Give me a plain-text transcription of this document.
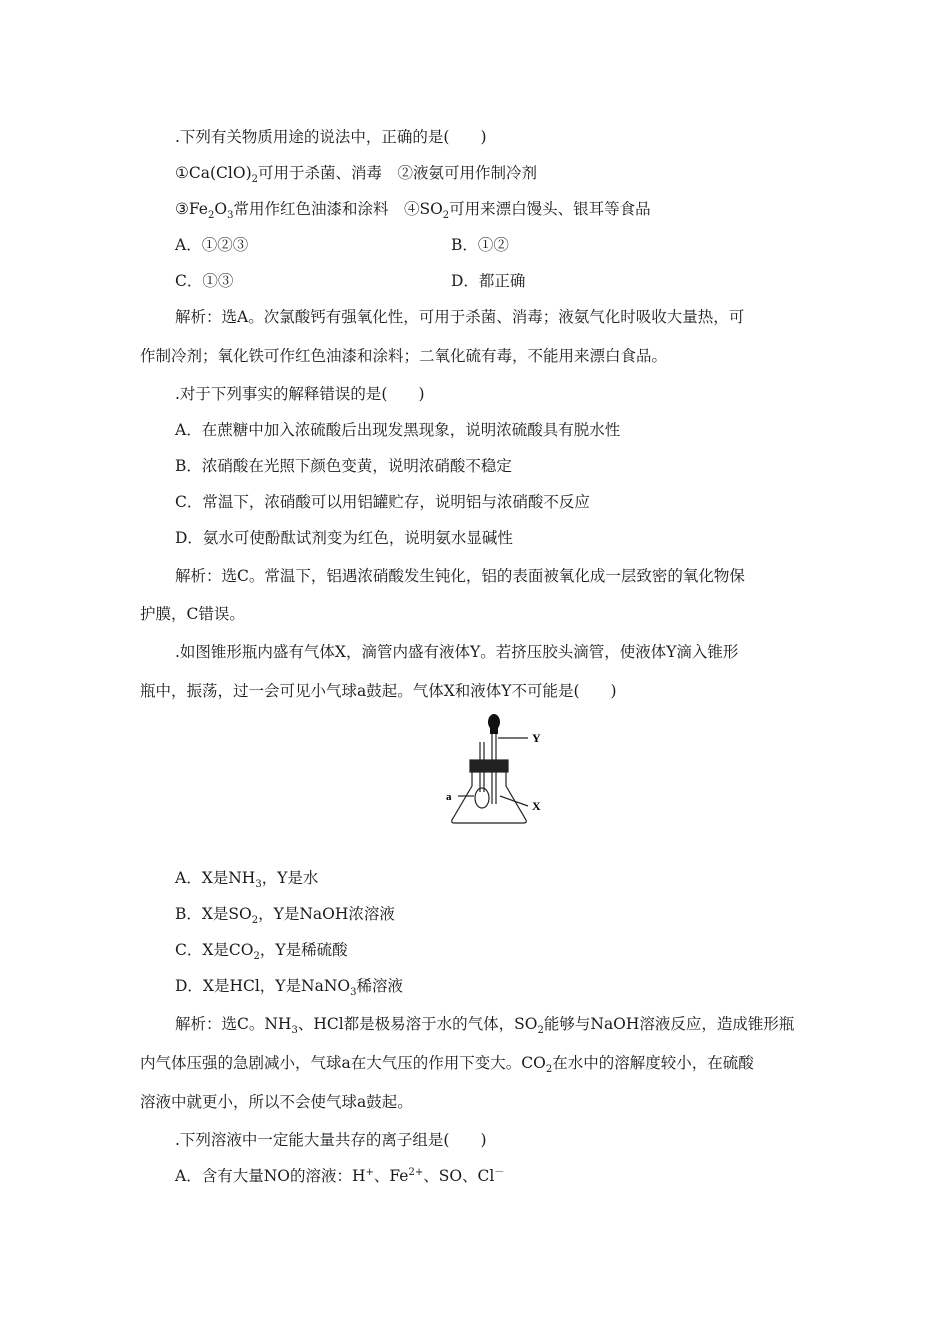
.下列有关物质用途的说法中，正确的是(　　)
$①Ca(ClO)_2$可用于杀菌、消毒　②液氨可用作制冷剂
$③Fe_2O_3$常用作红色油漆和涂料　$④SO_2$可用来漂白馒头、银耳等食品
A．①②③	B．①②
C．①③	D．都正确
解析：选A。次氯酸钙有强氧化性，可用于杀菌、消毒；液氨气化时吸收大量热，可
作制冷剂；氧化铁可作红色油漆和涂料；二氧化硫有毒，不能用来漂白食品。
.对于下列事实的解释错误的是(　　)
A．在蔗糖中加入浓硫酸后出现发黑现象，说明浓硫酸具有脱水性
B．浓硝酸在光照下颜色变黄，说明浓硝酸不稳定
C．常温下，浓硝酸可以用铝罐贮存，说明铝与浓硝酸不反应
D．氨水可使酚酞试剂变为红色，说明氨水显碱性
解析：选C。常温下，铝遇浓硝酸发生钝化，铝的表面被氧化成一层致密的氧化物保
护膜，C错误。
.如图锥形瓶内盛有气体X，滴管内盛有液体Y。若挤压胶头滴管，使液体Y滴入锥形
瓶中，振荡，过一会可见小气球a鼓起。气体X和液体Y不可能是(　　)
Y
X
a
A．X是$NH_3$，Y是水
B．X是$SO_2$，Y是NaOH浓溶液
C．X是$CO_2$，Y是稀硫酸
D．X是HCl，Y是NaNO$_3$稀溶液
解析：选C。$NH_3$、HCl都是极易溶于水的气体，$SO_2$能够与NaOH溶液反应，造成锥形瓶
内气体压强的急剧减小，气球a在大气压的作用下变大。$CO_2$在水中的溶解度较小，在硫酸
溶液中就更小，所以不会使气球a鼓起。
.下列溶液中一定能大量共存的离子组是(　　)
A．含有大量NO的溶液：H+、$Fe^{2+}$、SO、Cl－
